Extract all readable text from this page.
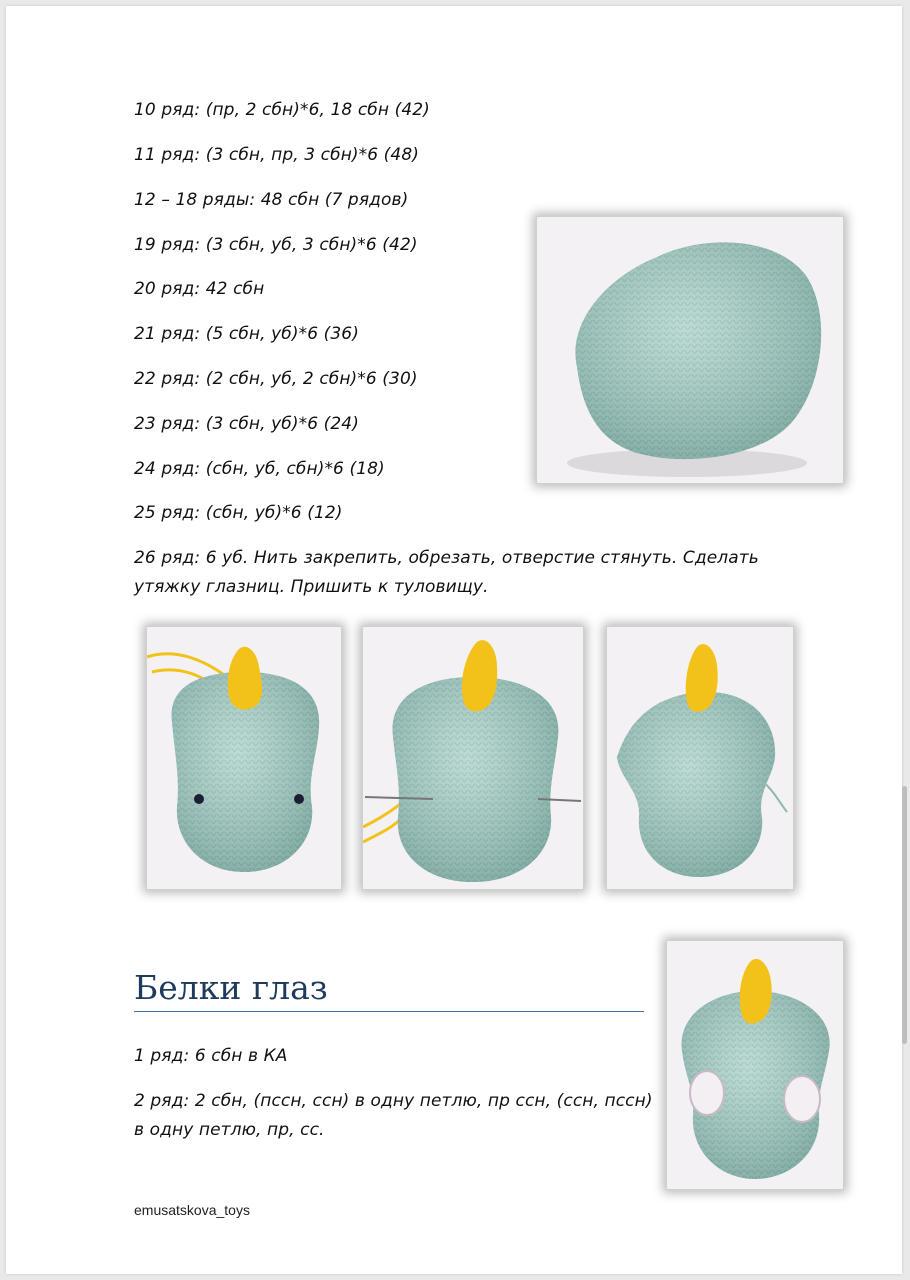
10 ряд: (пр, 2 сбн)*6, 18 сбн (42)
11 ряд: (3 сбн, пр, 3 сбн)*6 (48)
12 – 18 ряды: 48 сбн (7 рядов)
19 ряд: (3 сбн, уб, 3 сбн)*6 (42)
20 ряд: 42 сбн
21 ряд: (5 сбн, уб)*6 (36)
22 ряд: (2 сбн, уб, 2 сбн)*6 (30)
23 ряд: (3 сбн, уб)*6 (24)
24 ряд: (сбн, уб, сбн)*6 (18)
25 ряд: (сбн, уб)*6 (12)
26 ряд: 6 уб. Нить закрепить, обрезать, отверстие стянуть. Сделать
утяжку глазниц. Пришить к туловищу.
Белки глаз
1 ряд: 6 сбн в КА
2 ряд: 2 сбн, (пссн, ссн) в одну петлю, пр ссн, (ссн, пссн)
в одну петлю, пр, сс.
emusatskova_toys
